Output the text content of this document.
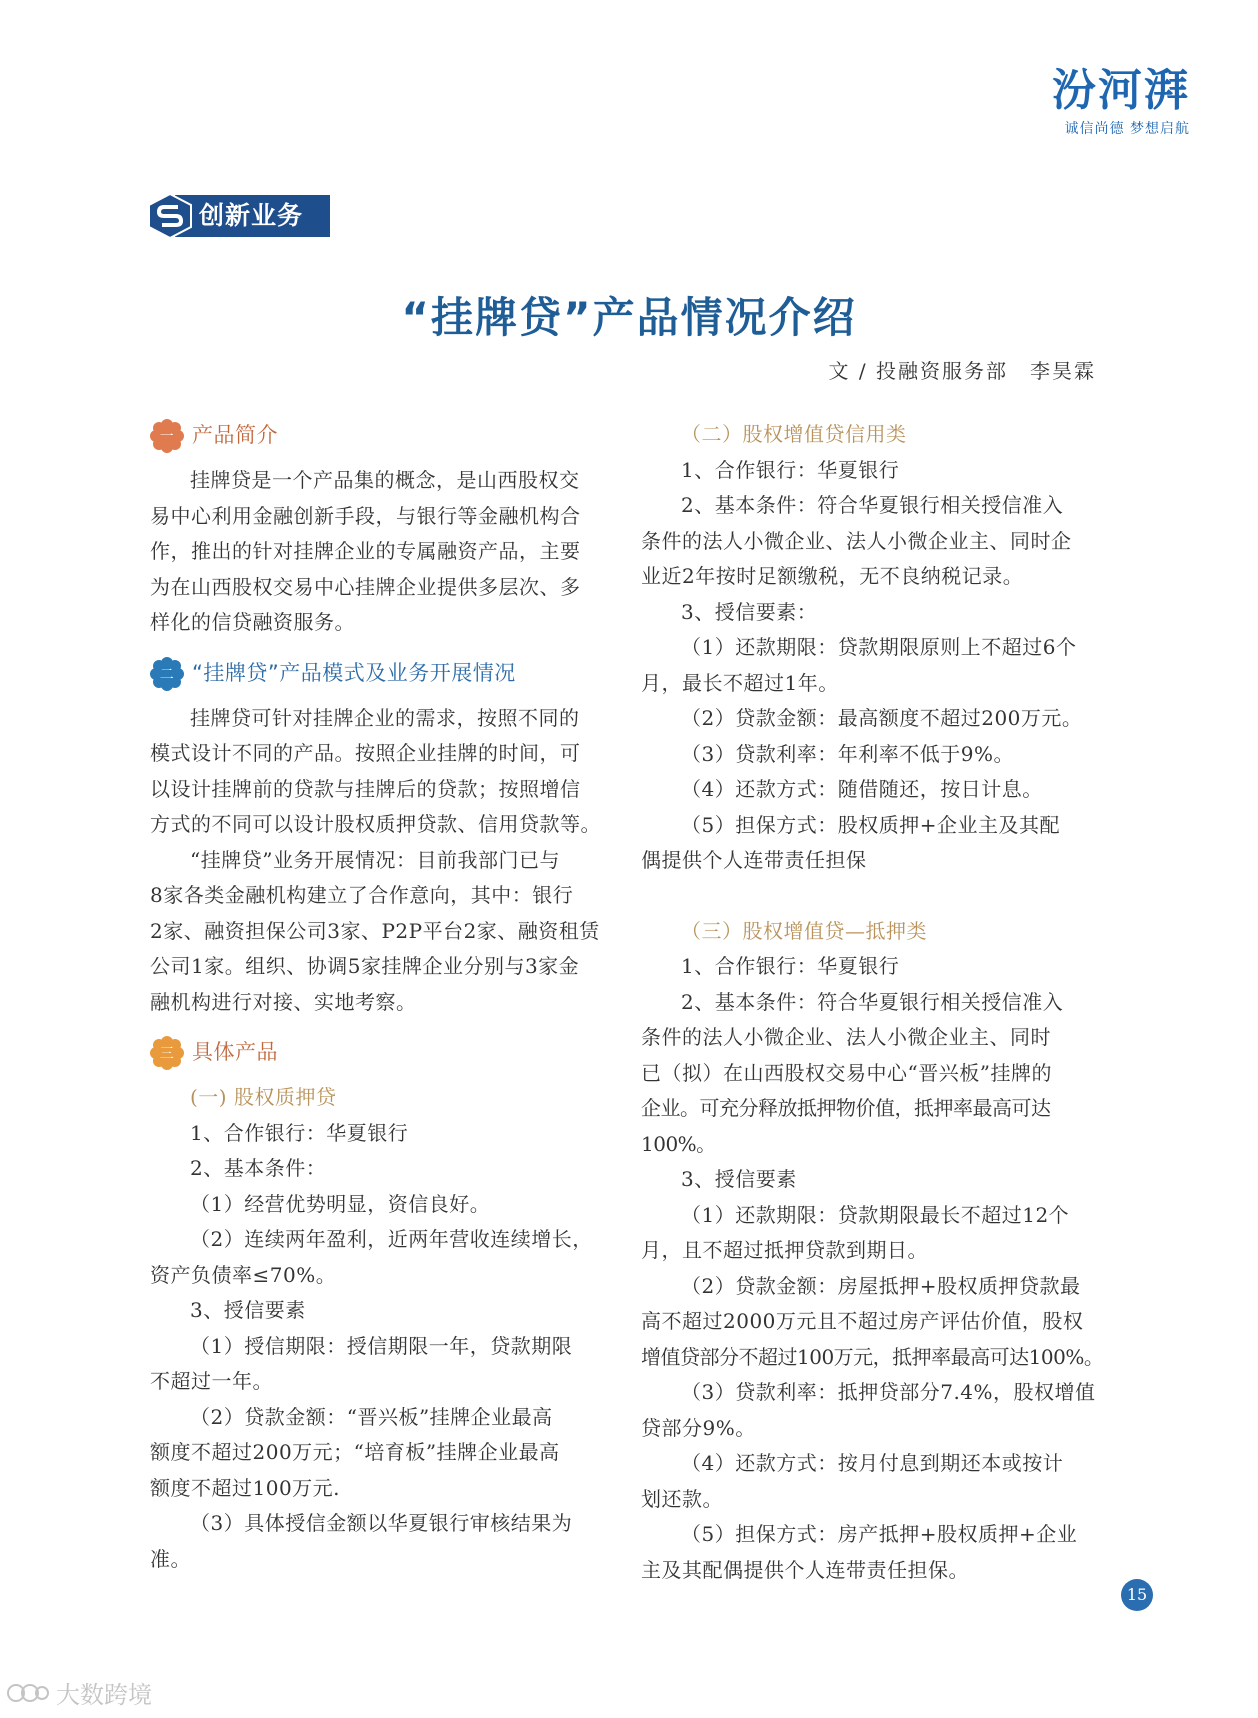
汾河湃
诚信尚德 梦想启航
创新业务
“挂牌贷”产品情况介绍
文 / 投融资服务部　李昊霖
一 产品简介

挂牌贷是一个产品集的概念，是山西股权交

易中心利用金融创新手段，与银行等金融机构合

作，推出的针对挂牌企业的专属融资产品，主要

为在山西股权交易中心挂牌企业提供多层次、多

样化的信贷融资服务。

二 “挂牌贷”产品模式及业务开展情况

挂牌贷可针对挂牌企业的需求，按照不同的

模式设计不同的产品。按照企业挂牌的时间，可

以设计挂牌前的贷款与挂牌后的贷款；按照增信

方式的不同可以设计股权质押贷款、信用贷款等。

“挂牌贷”业务开展情况：目前我部门已与

8家各类金融机构建立了合作意向，其中：银行

2家、融资担保公司3家、P2P平台2家、融资租赁

公司1家。组织、协调5家挂牌企业分别与3家金

融机构进行对接、实地考察。

三 具体产品

(一) 股权质押贷

1、合作银行：华夏银行

2、基本条件：

（1）经营优势明显，资信良好。

（2）连续两年盈利，近两年营收连续增长，

资产负债率≤70%。

3、授信要素

（1）授信期限：授信期限一年，贷款期限

不超过一年。

（2）贷款金额：“晋兴板”挂牌企业最高

额度不超过200万元；“培育板”挂牌企业最高

额度不超过100万元.

（3）具体授信金额以华夏银行审核结果为准。

（二）股权增值贷信用类

1、合作银行：华夏银行

2、基本条件：符合华夏银行相关授信准入

条件的法人小微企业、法人小微企业主、同时企

业近2年按时足额缴税，无不良纳税记录。

3、授信要素：

（1）还款期限：贷款期限原则上不超过6个

月，最长不超过1年。

（2）贷款金额：最高额度不超过200万元。

（3）贷款利率：年利率不低于9%。

（4）还款方式：随借随还，按日计息。

（5）担保方式：股权质押+企业主及其配

偶提供个人连带责任担保

（三）股权增值贷—抵押类

1、合作银行：华夏银行

2、基本条件：符合华夏银行相关授信准入

条件的法人小微企业、法人小微企业主、同时

已（拟）在山西股权交易中心“晋兴板”挂牌的

企业。可充分释放抵押物价值，抵押率最高可达100%。

3、授信要素

（1）还款期限：贷款期限最长不超过12个

月，且不超过抵押贷款到期日。

（2）贷款金额：房屋抵押+股权质押贷款最

高不超过2000万元且不超过房产评估价值，股权

增值贷部分不超过100万元，抵押率最高可达100%。

（3）贷款利率：抵押贷部分7.4%，股权增值

贷部分9%。

（4）还款方式：按月付息到期还本或按计

划还款。

（5）担保方式：房产抵押+股权质押+企业

主及其配偶提供个人连带责任担保。

15
大数跨境
